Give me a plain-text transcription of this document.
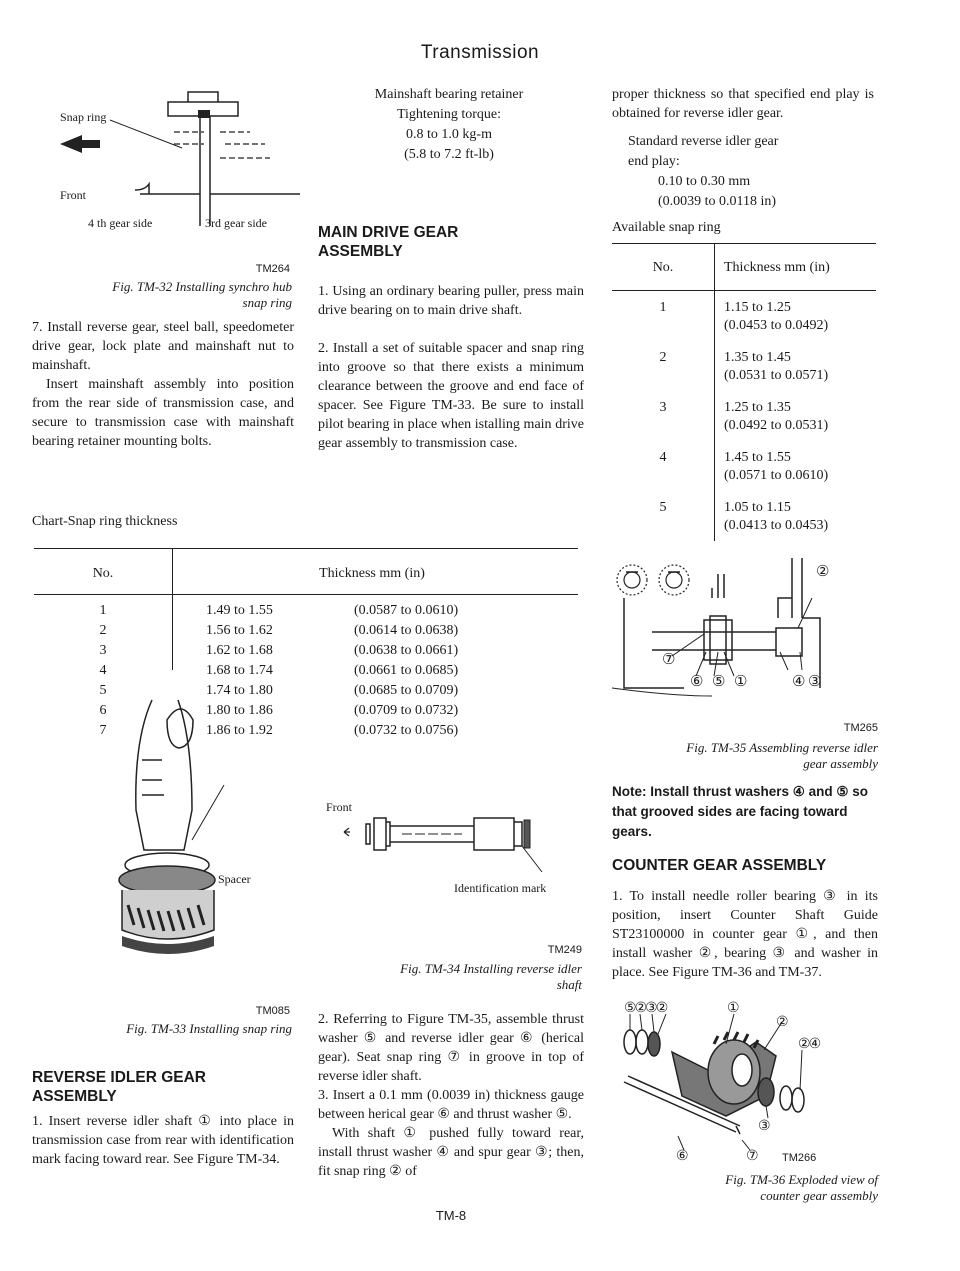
Transmission
Snap ring
Front
4 th gear side	3rd gear side
TM264
Fig. TM-32 Installing synchro hub
snap ring
7. Install reverse gear, steel ball, speedometer drive gear, lock plate and mainshaft nut to mainshaft.
Insert mainshaft assembly into position from the rear side of transmission case, and secure to transmission case with mainshaft bearing retainer mounting bolts.
Chart-Snap ring thickness
No.	Thickness mm (in)
1	1.49 to 1.55	(0.0587 to 0.0610)
2	1.56 to 1.62	(0.0614 to 0.0638)
3	1.62 to 1.68	(0.0638 to 0.0661)
4	1.68 to 1.74	(0.0661 to 0.0685)
5	1.74 to 1.80	(0.0685 to 0.0709)
6	1.80 to 1.86	(0.0709 to 0.0732)
7	1.86 to 1.92	(0.0732 to 0.0756)
Spacer
TM085
Fig. TM-33 Installing snap ring
REVERSE IDLER GEAR ASSEMBLY
1. Insert reverse idler shaft ① into place in transmission case from rear with identification mark facing toward rear. See Figure TM-34.
Mainshaft bearing retainer
Tightening torque:
0.8 to 1.0 kg-m
(5.8 to 7.2 ft-lb)
MAIN DRIVE GEAR ASSEMBLY
1. Using an ordinary bearing puller, press main drive bearing on to main drive shaft.
2. Install a set of suitable spacer and snap ring into groove so that there exists a minimum clearance between the groove and end face of spacer. See Figure TM-33. Be sure to install pilot bearing in place when istalling main drive gear assembly to transmission case.
Front
Identification mark
TM249
Fig. TM-34 Installing reverse idler
shaft
2. Referring to Figure TM-35, assemble thrust washer ⑤ and reverse idler gear ⑥ (herical gear). Seat snap ring ⑦ in groove in top of reverse idler shaft.
3. Insert a 0.1 mm (0.0039 in) thickness gauge between herical gear ⑥ and thrust washer ⑤.
With shaft ① pushed fully toward rear, install thrust washer ④ and spur gear ③; then, fit snap ring ② of
TM-8
proper thickness so that specified end play is obtained for reverse idler gear.
Standard reverse idler gear
end play:
0.10 to 0.30 mm
(0.0039 to 0.0118 in)
Available snap ring
No.	Thickness mm (in)
1	1.15 to 1.25
(0.0453 to 0.0492)
2	1.35 to 1.45
(0.0531 to 0.0571)
3	1.25 to 1.35
(0.0492 to 0.0531)
4	1.45 to 1.55
(0.0571 to 0.0610)
5	1.05 to 1.15
(0.0413 to 0.0453)
②
⑦
⑥ ⑤ ①	④ ③
TM265
Fig. TM-35 Assembling reverse idler
gear assembly
Note: Install thrust washers ④ and ⑤ so that grooved sides are facing toward gears.
COUNTER GEAR ASSEMBLY
1. To install needle roller bearing ③ in its position, insert Counter Shaft Guide ST23100000 in counter gear ①, and then install washer ②, bearing ③ and washer in place. See Figure TM-36 and TM-37.
⑤②③②	①
②
②④
③
⑥	⑦ TM266
Fig. TM-36 Exploded view of
counter gear assembly
